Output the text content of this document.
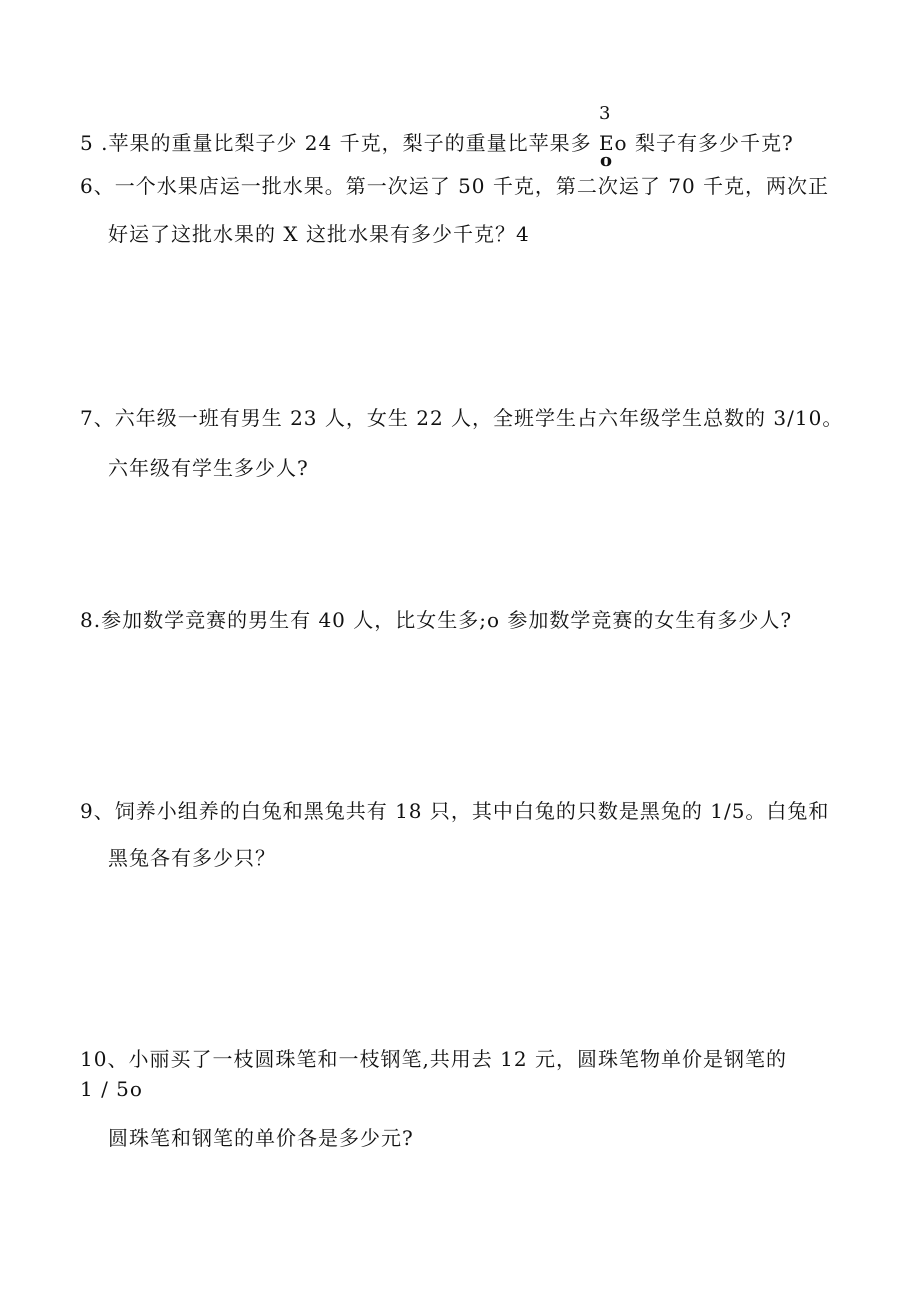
3
5 .苹果的重量比梨子少 24 千克，梨子的重量比苹果多 Eo 梨子有多少千克?
o
6、一个水果店运一批水果。第一次运了 50 千克，第二次运了 70 千克，两次正
好运了这批水果的 X 这批水果有多少千克？4
7、六年级一班有男生 23 人，女生 22 人，全班学生占六年级学生总数的 3/10。
六年级有学生多少人?
8.参加数学竞赛的男生有 40 人，比女生多;o 参加数学竞赛的女生有多少人?
9、饲养小组养的白兔和黑兔共有 18 只，其中白兔的只数是黑兔的 1/5。白兔和
黑兔各有多少只？
10、小丽买了一枝圆珠笔和一枝钢笔,共用去 12 元，圆珠笔物单价是钢笔的
1 / 5o
圆珠笔和钢笔的单价各是多少元?
